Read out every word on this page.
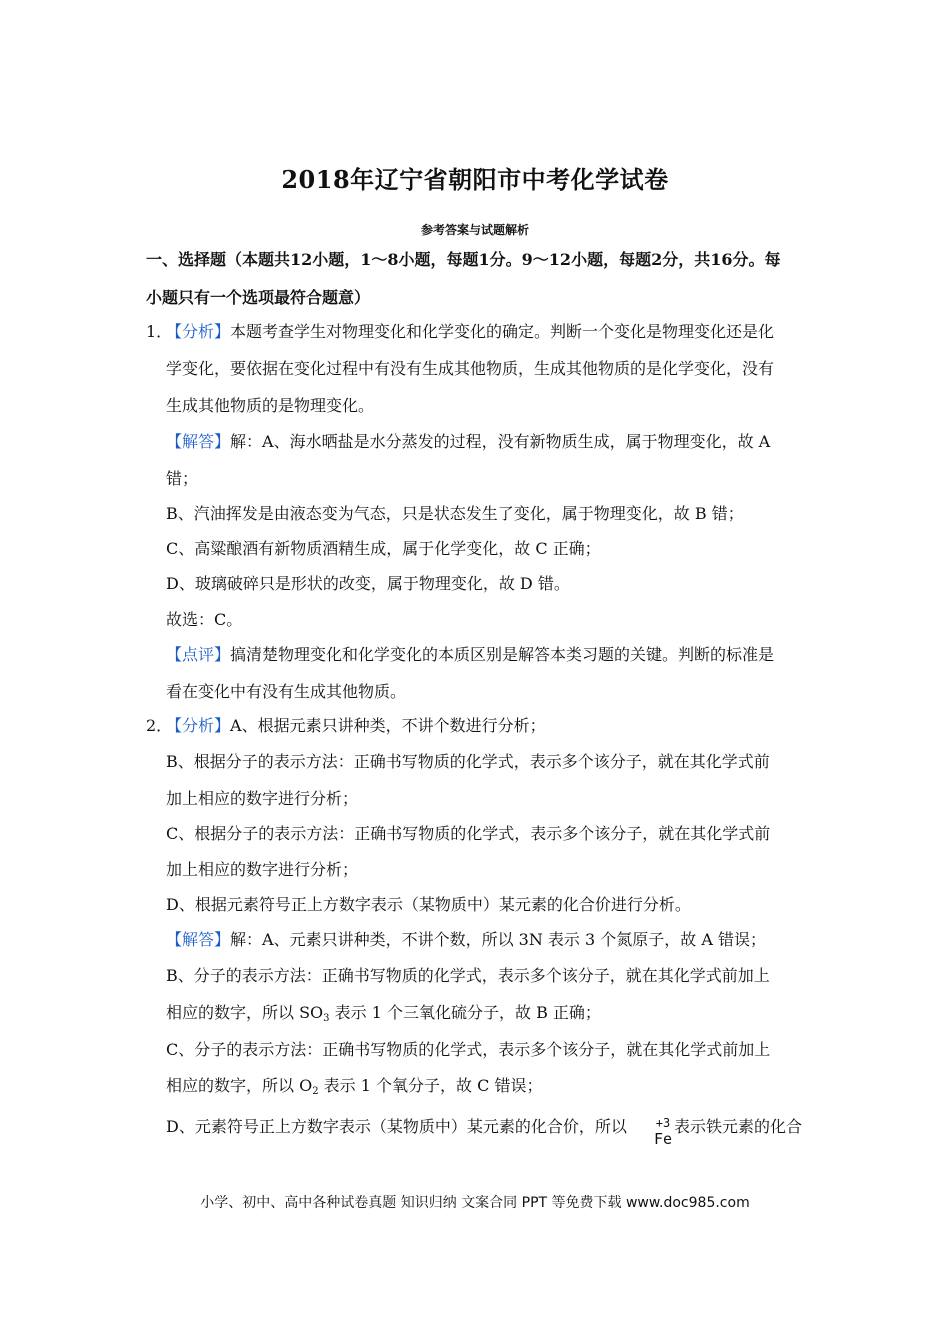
2018年辽宁省朝阳市中考化学试卷
参考答案与试题解析
一、选择题（本题共12小题，1～8小题，每题1分。9～12小题，每题2分，共16分。每
小题只有一个选项最符合题意）
1．
【分析】本题考查学生对物理变化和化学变化的确定。判断一个变化是物理变化还是化
学变化，要依据在变化过程中有没有生成其他物质，生成其他物质的是化学变化，没有
生成其他物质的是物理变化。
【解答】解：A、海水晒盐是水分蒸发的过程，没有新物质生成，属于物理变化，故 A
错；
B、汽油挥发是由液态变为气态，只是状态发生了变化，属于物理变化，故 B 错；
C、高粱酿酒有新物质酒精生成，属于化学变化，故 C 正确；
D、玻璃破碎只是形状的改变，属于物理变化，故 D 错。
故选：C。
【点评】搞清楚物理变化和化学变化的本质区别是解答本类习题的关键。判断的标准是
看在变化中有没有生成其他物质。
2．
【分析】A、根据元素只讲种类，不讲个数进行分析；
B、根据分子的表示方法：正确书写物质的化学式，表示多个该分子，就在其化学式前
加上相应的数字进行分析；
C、根据分子的表示方法：正确书写物质的化学式，表示多个该分子，就在其化学式前
加上相应的数字进行分析；
D、根据元素符号正上方数字表示（某物质中）某元素的化合价进行分析。
【解答】解：A、元素只讲种类，不讲个数，所以 3N 表示 3 个氮原子，故 A 错误；
B、分子的表示方法：正确书写物质的化学式，表示多个该分子，就在其化学式前加上
相应的数字，所以 $SO_3$ 表示 1 个三氧化硫分子，故 B 正确；
C、分子的表示方法：正确书写物质的化学式，表示多个该分子，就在其化学式前加上
相应的数字，所以 $O_2$ 表示 1 个氧分子，故 C 错误；
D、元素符号正上方数字表示（某物质中）某元素的化合价，所以	+3
Fe
表示铁元素的化合
小学、初中、高中各种试卷真题 知识归纳 文案合同 PPT 等免费下载 www.doc985.com
